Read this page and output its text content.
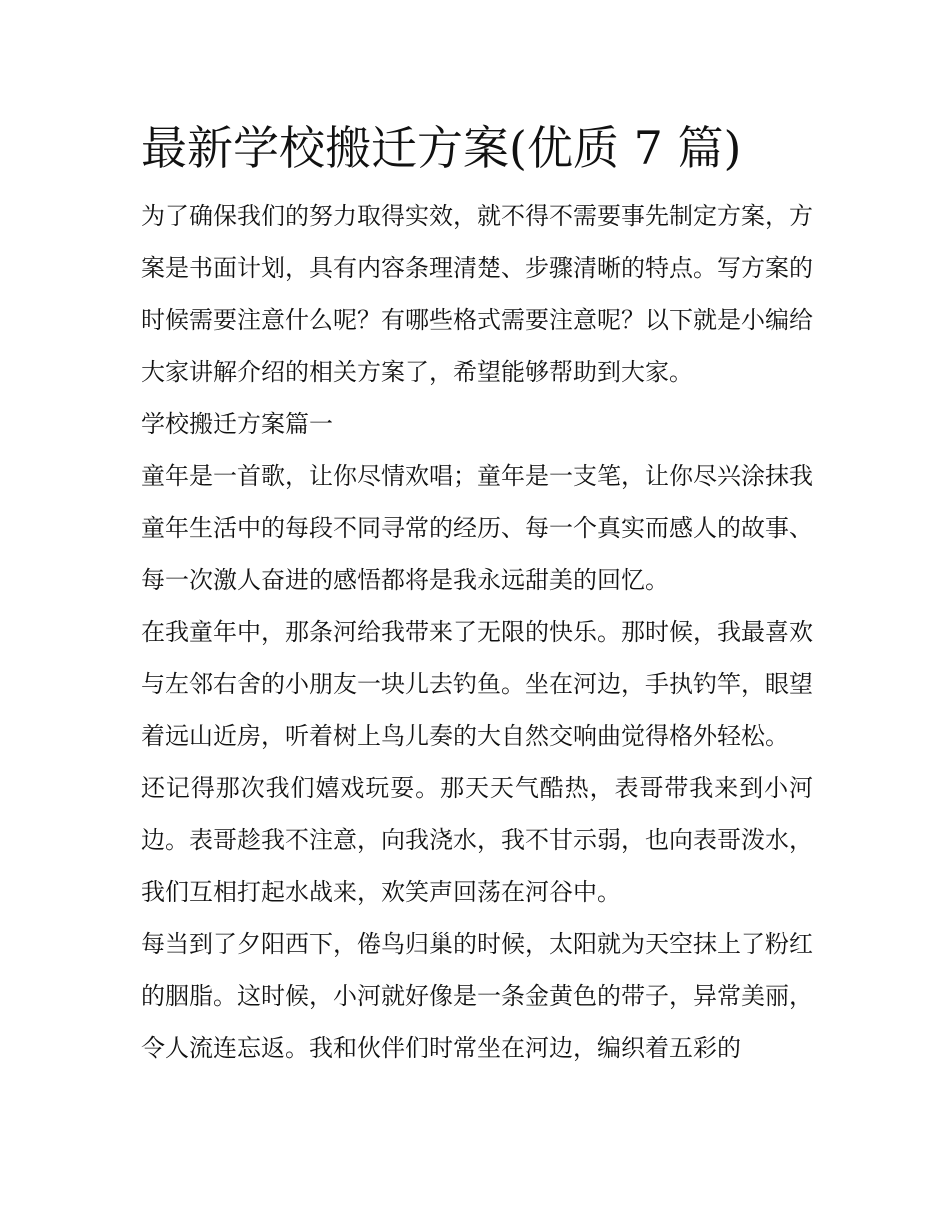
最新学校搬迁方案(优质 7 篇)

为了确保我们的努力取得实效，就不得不需要事先制定方案，方案是书面计划，具有内容条理清楚、步骤清晰的特点。写方案的时候需要注意什么呢？有哪些格式需要注意呢？以下就是小编给大家讲解介绍的相关方案了，希望能够帮助到大家。

学校搬迁方案篇一

童年是一首歌，让你尽情欢唱；童年是一支笔，让你尽兴涂抹我童年生活中的每段不同寻常的经历、每一个真实而感人的故事、每一次激人奋进的感悟都将是我永远甜美的回忆。

在我童年中，那条河给我带来了无限的快乐。那时候，我最喜欢与左邻右舍的小朋友一块儿去钓鱼。坐在河边，手执钓竿，眼望着远山近房，听着树上鸟儿奏的大自然交响曲觉得格外轻松。

还记得那次我们嬉戏玩耍。那天天气酷热，表哥带我来到小河边。表哥趁我不注意，向我浇水，我不甘示弱，也向表哥泼水，我们互相打起水战来，欢笑声回荡在河谷中。

每当到了夕阳西下，倦鸟归巢的时候，太阳就为天空抹上了粉红的胭脂。这时候，小河就好像是一条金黄色的带子，异常美丽，令人流连忘返。我和伙伴们时常坐在河边，编织着五彩的
